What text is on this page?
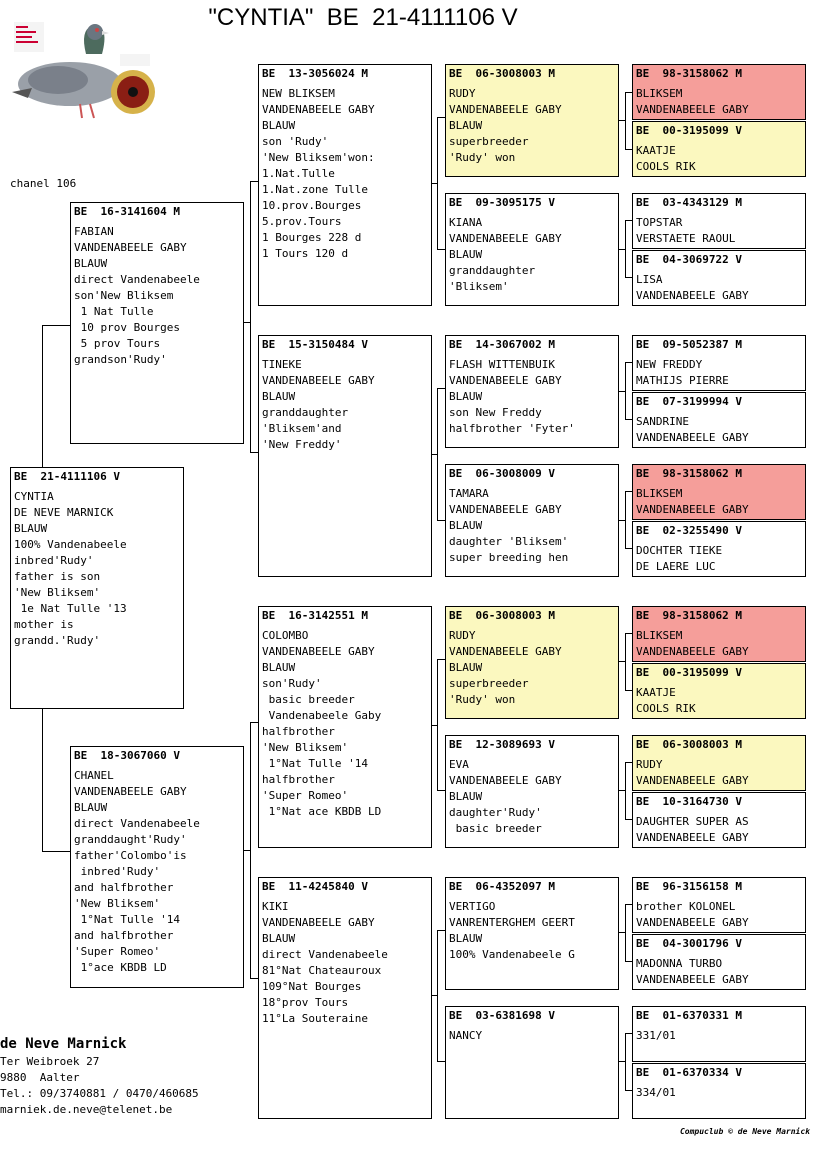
"CYNTIA"  BE  21-4111106 V
chanel 106
BE  21-4111106 V
CYNTIA
DE NEVE MARNICK
BLAUW
100% Vandenabeele
inbred'Rudy'
father is son
'New Bliksem'
1e Nat Tulle '13
mother is
grandd.'Rudy'
BE  16-3141604 M
FABIAN
VANDENABEELE GABY
BLAUW
direct Vandenabeele
son'New Bliksem
1 Nat Tulle
10 prov Bourges
5 prov Tours
grandson'Rudy'
BE  18-3067060 V
CHANEL
VANDENABEELE GABY
BLAUW
direct Vandenabeele
granddaught'Rudy'
father'Colombo'is
inbred'Rudy'
and halfbrother
'New Bliksem'
1°Nat Tulle '14
and halfbrother
'Super Romeo'
1°ace KBDB LD
BE  13-3056024 M
NEW BLIKSEM
VANDENABEELE GABY
BLAUW
son 'Rudy'
'New Bliksem'won:
1.Nat.Tulle
1.Nat.zone Tulle
10.prov.Bourges
5.prov.Tours
1 Bourges 228 d
1 Tours 120 d
BE  15-3150484 V
TINEKE
VANDENABEELE GABY
BLAUW
granddaughter
'Bliksem'and
'New Freddy'
BE  16-3142551 M
COLOMBO
VANDENABEELE GABY
BLAUW
son'Rudy'
basic breeder
Vandenabeele Gaby
halfbrother
'New Bliksem'
1°Nat Tulle '14
halfbrother
'Super Romeo'
1°Nat ace KBDB LD
BE  11-4245840 V
KIKI
VANDENABEELE GABY
BLAUW
direct Vandenabeele
81°Nat Chateauroux
109°Nat Bourges
18°prov Tours
11°La Souteraine
BE  06-3008003 M
RUDY
VANDENABEELE GABY
BLAUW
superbreeder
'Rudy' won
BE  09-3095175 V
KIANA
VANDENABEELE GABY
BLAUW
granddaughter
'Bliksem'
BE  14-3067002 M
FLASH WITTENBUIK
VANDENABEELE GABY
BLAUW
son New Freddy
halfbrother 'Fyter'
BE  06-3008009 V
TAMARA
VANDENABEELE GABY
BLAUW
daughter 'Bliksem'
super breeding hen
BE  06-3008003 M
RUDY
VANDENABEELE GABY
BLAUW
superbreeder
'Rudy' won
BE  12-3089693 V
EVA
VANDENABEELE GABY
BLAUW
daughter'Rudy'
basic breeder
BE  06-4352097 M
VERTIGO
VANRENTERGHEM GEERT
BLAUW
100% Vandenabeele G
BE  03-6381698 V
NANCY
BE  98-3158062 M
BLIKSEM
VANDENABEELE GABY
BE  00-3195099 V
KAATJE
COOLS RIK
BE  03-4343129 M
TOPSTAR
VERSTAETE RAOUL
BE  04-3069722 V
LISA
VANDENABEELE GABY
BE  09-5052387 M
NEW FREDDY
MATHIJS PIERRE
BE  07-3199994 V
SANDRINE
VANDENABEELE GABY
BE  98-3158062 M
BLIKSEM
VANDENABEELE GABY
BE  02-3255490 V
DOCHTER TIEKE
DE LAERE LUC
BE  98-3158062 M
BLIKSEM
VANDENABEELE GABY
BE  00-3195099 V
KAATJE
COOLS RIK
BE  06-3008003 M
RUDY
VANDENABEELE GABY
BE  10-3164730 V
DAUGHTER SUPER AS
VANDENABEELE GABY
BE  96-3156158 M
brother KOLONEL
VANDENABEELE GABY
BE  04-3001796 V
MADONNA TURBO
VANDENABEELE GABY
BE  01-6370331 M
331/01
BE  01-6370334 V
334/01
de Neve Marnick
Ter Weibroek 27
9880  Aalter
Tel.: 09/3740881 / 0470/460685
marniek.de.neve@telenet.be
Compuclub © de Neve Marnick
